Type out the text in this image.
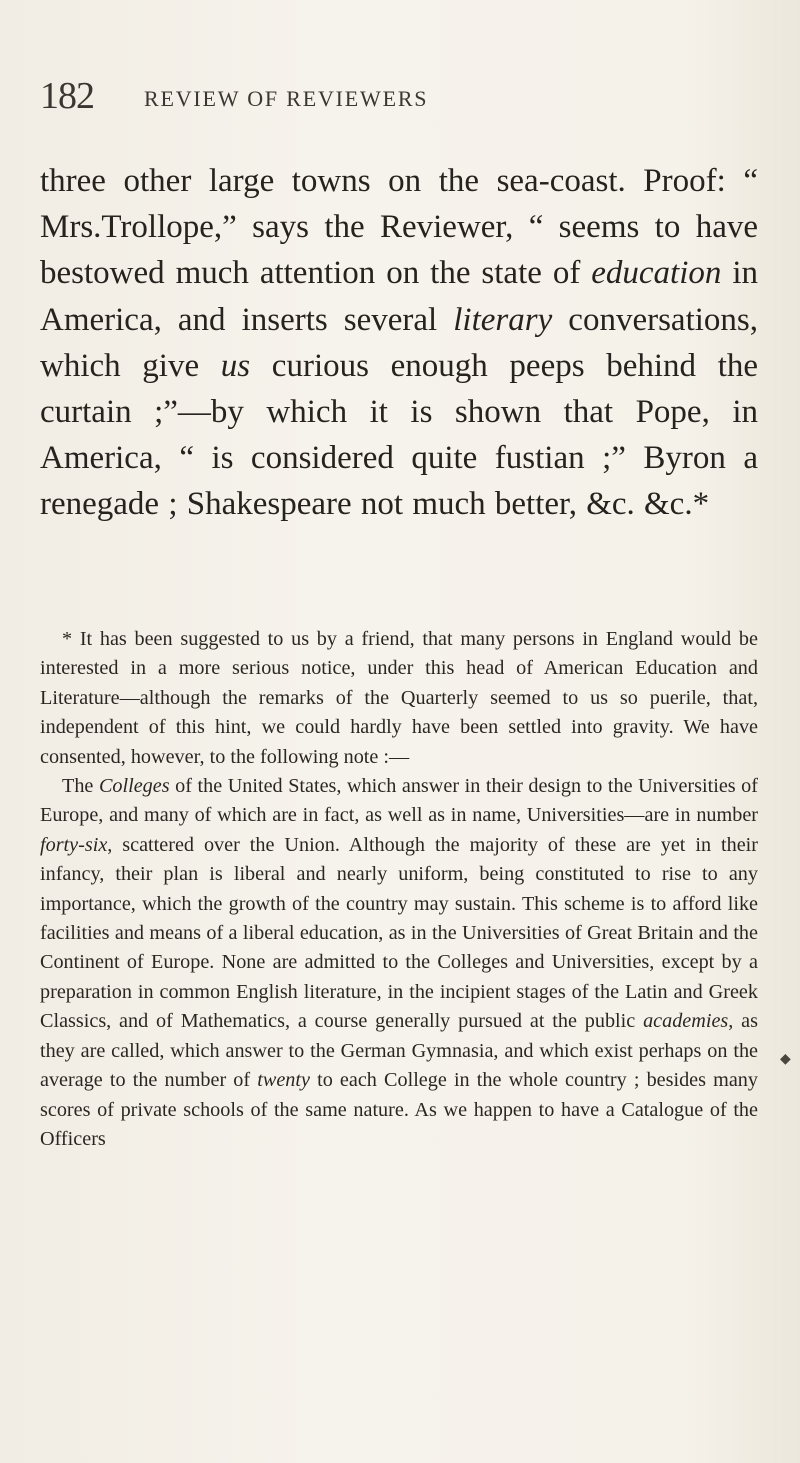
182 REVIEW OF REVIEWERS

three other large towns on the sea-coast. Proof: “ Mrs.Trollope,” says the Reviewer, “ seems to have bestowed much attention on the state of education in America, and inserts several literary conversations, which give us curious enough peeps behind the curtain ;”—by which it is shown that Pope, in America, “ is considered quite fustian ;” Byron a renegade ; Shakespeare not much better, &c. &c.*

* It has been suggested to us by a friend, that many persons in England would be interested in a more serious notice, under this head of American Education and Literature—although the remarks of the Quarterly seemed to us so puerile, that, independent of this hint, we could hardly have been settled into gravity. We have consented, however, to the following note :—

The Colleges of the United States, which answer in their design to the Universities of Europe, and many of which are in fact, as well as in name, Universities—are in number forty-six, scattered over the Union. Although the majority of these are yet in their infancy, their plan is liberal and nearly uniform, being constituted to rise to any importance, which the growth of the country may sustain. This scheme is to afford like facilities and means of a liberal education, as in the Universities of Great Britain and the Continent of Europe. None are admitted to the Colleges and Universities, except by a preparation in common English literature, in the incipient stages of the Latin and Greek Classics, and of Mathematics, a course generally pursued at the public academies, as they are called, which answer to the German Gymnasia, and which exist perhaps on the average to the number of twenty to each College in the whole country ; besides many scores of private schools of the same nature. As we happen to have a Catalogue of the Officers

◆
